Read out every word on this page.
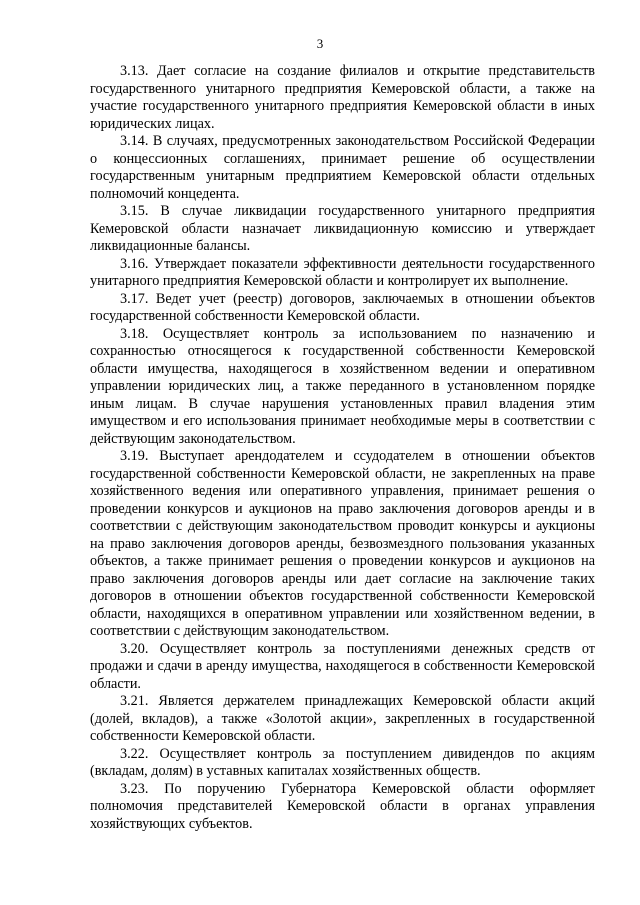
3

3.13. Дает согласие на создание филиалов и открытие представительств государственного унитарного предприятия Кемеровской области, а также на участие государственного унитарного предприятия Кемеровской области в иных юридических лицах.

3.14. В случаях, предусмотренных законодательством Российской Федерации о концессионных соглашениях, принимает решение об осуществлении государственным унитарным предприятием Кемеровской области отдельных полномочий концедента.

3.15. В случае ликвидации государственного унитарного предприятия Кемеровской области назначает ликвидационную комиссию и утверждает ликвидационные балансы.

3.16. Утверждает показатели эффективности деятельности государственного унитарного предприятия Кемеровской области и контролирует их выполнение.

3.17. Ведет учет (реестр) договоров, заключаемых в отношении объектов государственной собственности Кемеровской области.

3.18. Осуществляет контроль за использованием по назначению и сохранностью относящегося к государственной собственности Кемеровской области имущества, находящегося в хозяйственном ведении и оперативном управлении юридических лиц, а также переданного в установленном порядке иным лицам. В случае нарушения установленных правил владения этим имуществом и его использования принимает необходимые меры в соответствии с действующим законодательством.

3.19. Выступает арендодателем и ссудодателем в отношении объектов государственной собственности Кемеровской области, не закрепленных на праве хозяйственного ведения или оперативного управления, принимает решения о проведении конкурсов и аукционов на право заключения договоров аренды и в соответствии с действующим законодательством проводит конкурсы и аукционы на право заключения договоров аренды, безвозмездного пользования указанных объектов, а также принимает решения о проведении конкурсов и аукционов на право заключения договоров аренды или дает согласие на заключение таких договоров в отношении объектов государственной собственности Кемеровской области, находящихся в оперативном управлении или хозяйственном ведении, в соответствии с действующим законодательством.

3.20. Осуществляет контроль за поступлениями денежных средств от продажи и сдачи в аренду имущества, находящегося в собственности Кемеровской области.

3.21. Является держателем принадлежащих Кемеровской области акций (долей, вкладов), а также «Золотой акции», закрепленных в государственной собственности Кемеровской области.

3.22. Осуществляет контроль за поступлением дивидендов по акциям (вкладам, долям) в уставных капиталах хозяйственных обществ.

3.23. По поручению Губернатора Кемеровской области оформляет полномочия представителей Кемеровской области в органах управления хозяйствующих субъектов.
